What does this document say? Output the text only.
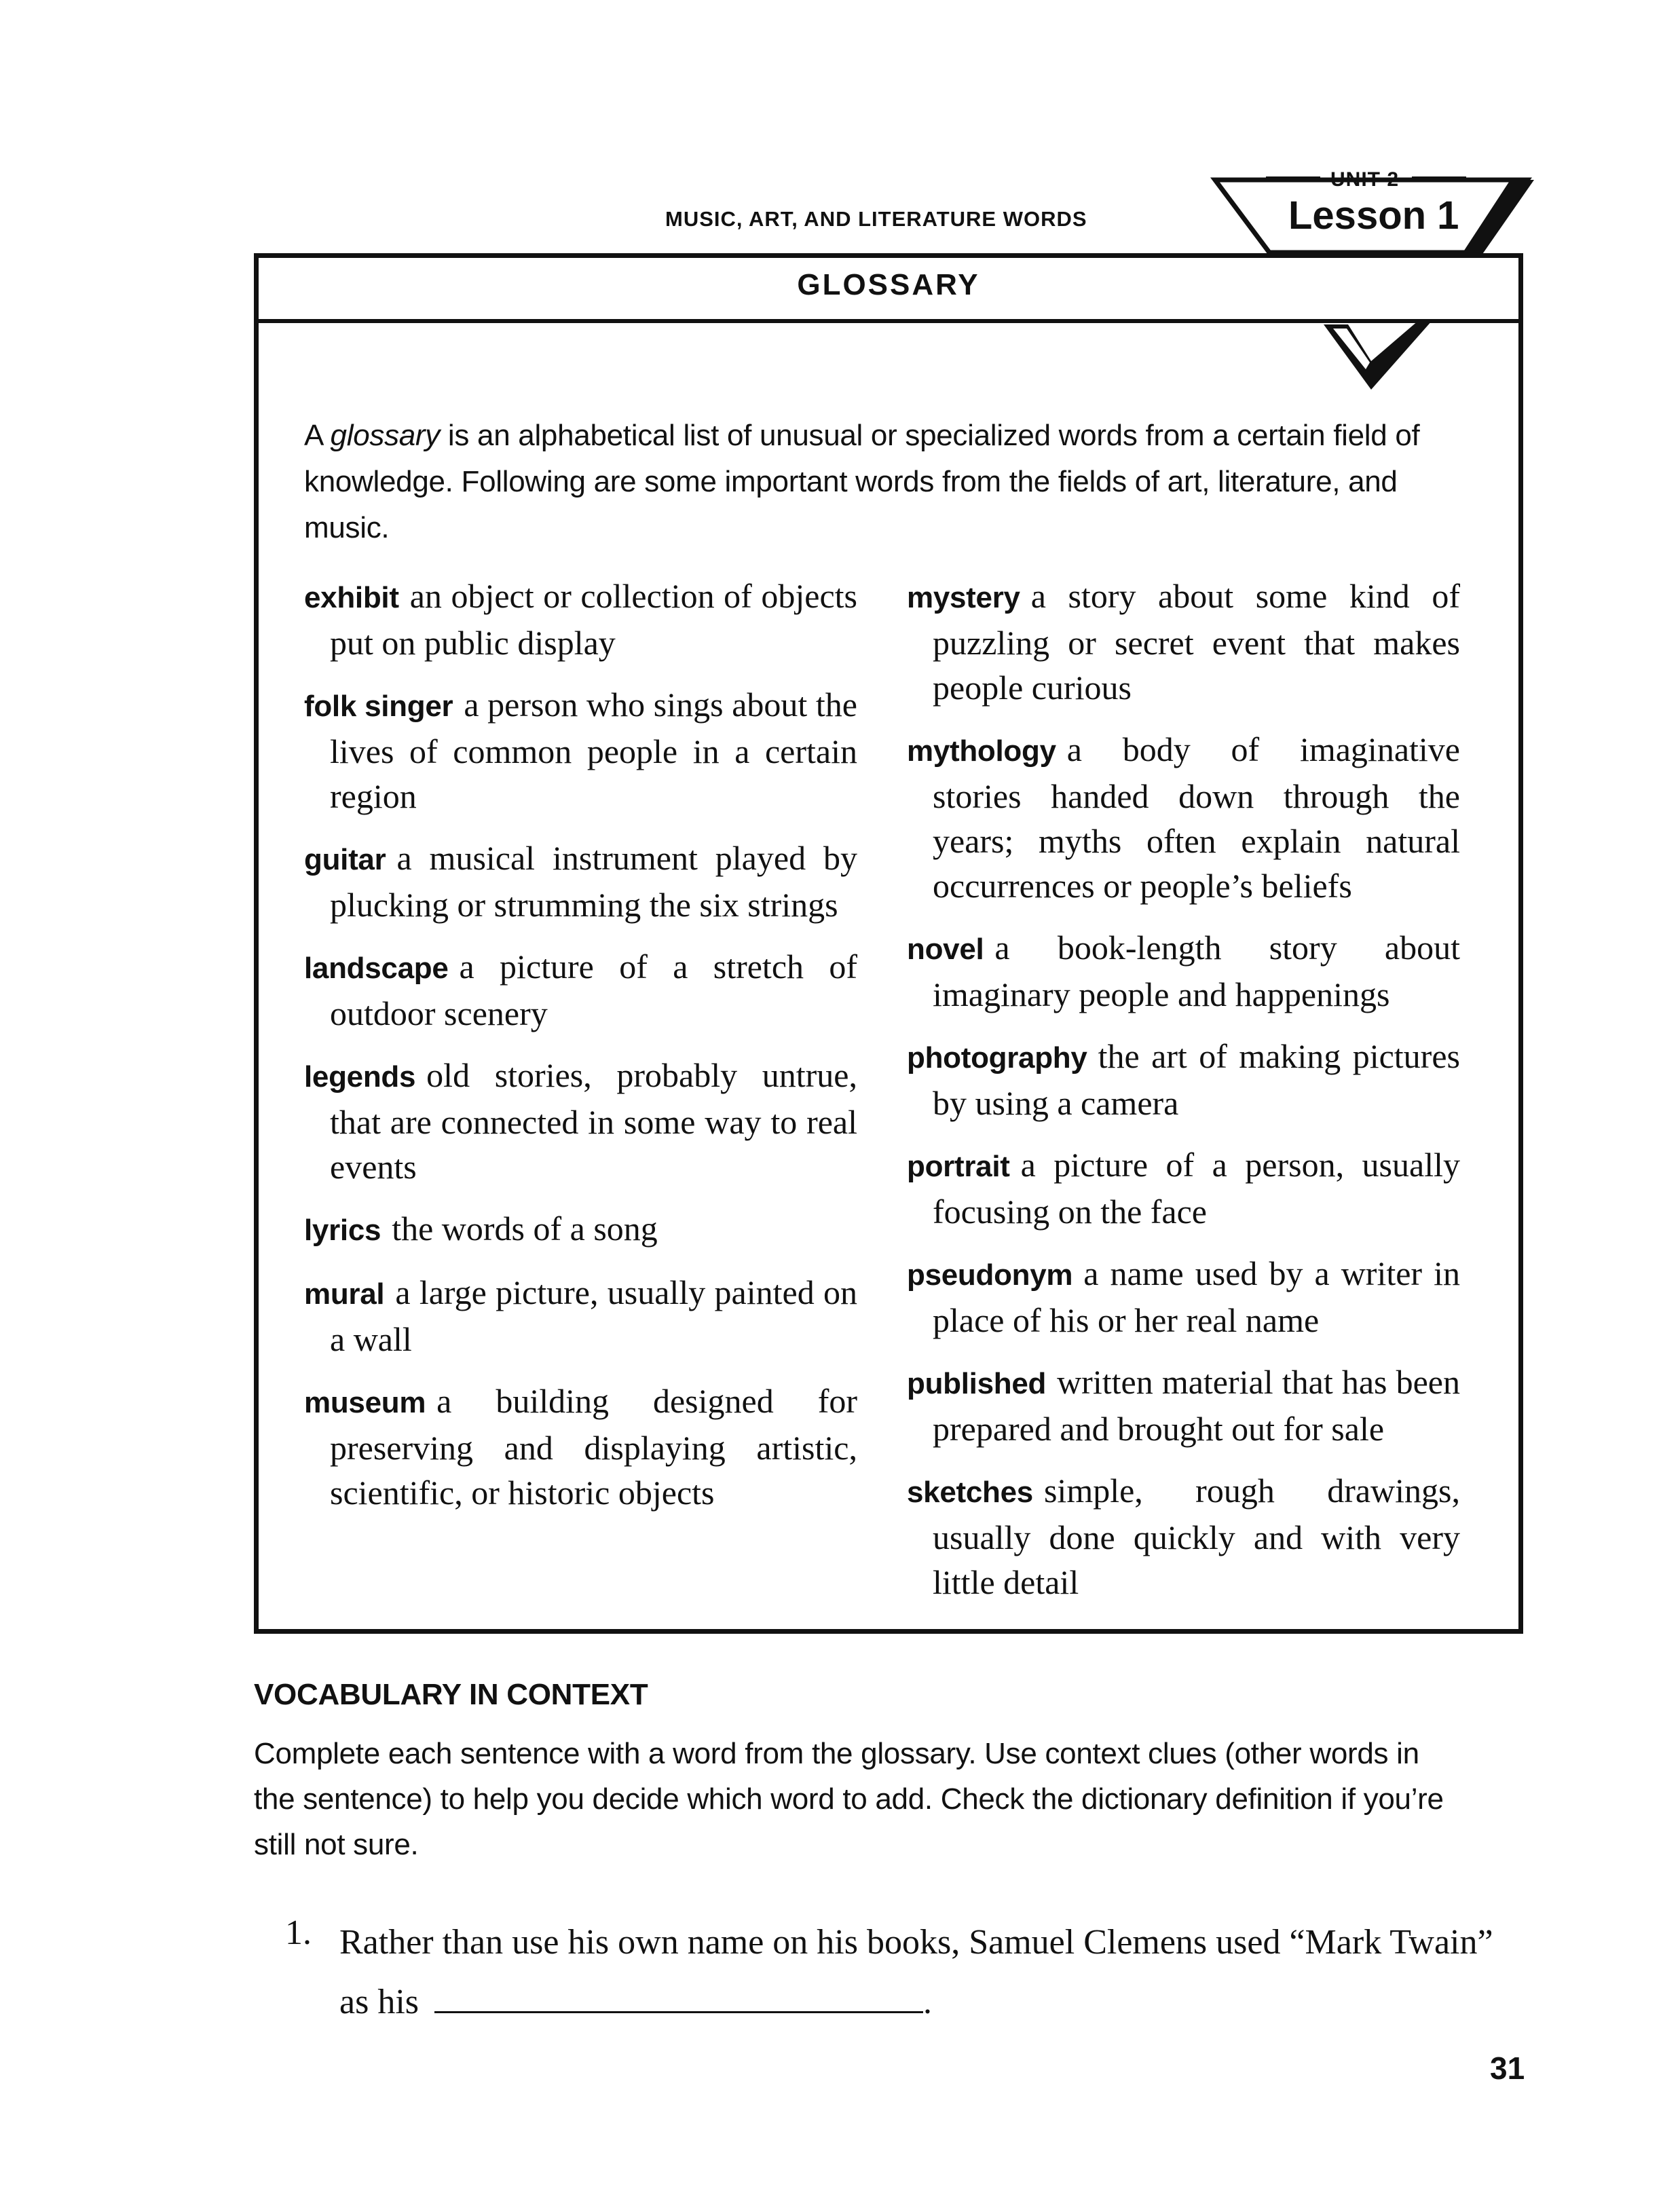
MUSIC, ART, AND LITERATURE WORDS
UNIT 2
Lesson 1
GLOSSARY
A glossary is an alphabetical list of unusual or specialized words from a certain field of knowledge. Following are some important words from the fields of art, literature, and music.

exhibit an object or collection of objects put on public display

folk singer a person who sings about the lives of common people in a certain region

guitar a musical instrument played by plucking or strumming the six strings

landscape a picture of a stretch of outdoor scenery

legends old stories, probably untrue, that are connected in some way to real events

lyrics the words of a song

mural a large picture, usually painted on a wall

museum a building designed for preserving and displaying artistic, scientific, or historic objects

mystery a story about some kind of puzzling or secret event that makes people curious

mythology a body of imaginative stories handed down through the years; myths often explain natural occurrences or people’s beliefs

novel a book-length story about imaginary people and happenings

photography the art of making pictures by using a camera

portrait a picture of a person, usually focusing on the face

pseudonym a name used by a writer in place of his or her real name

published written material that has been prepared and brought out for sale

sketches simple, rough drawings, usually done quickly and with very little detail

VOCABULARY IN CONTEXT
Complete each sentence with a word from the glossary. Use context clues (other words in the sentence) to help you decide which word to add. Check the dictionary definition if you’re still not sure.
1. Rather than use his own name on his books, Samuel Clemens used “Mark Twain” as his	.
31
